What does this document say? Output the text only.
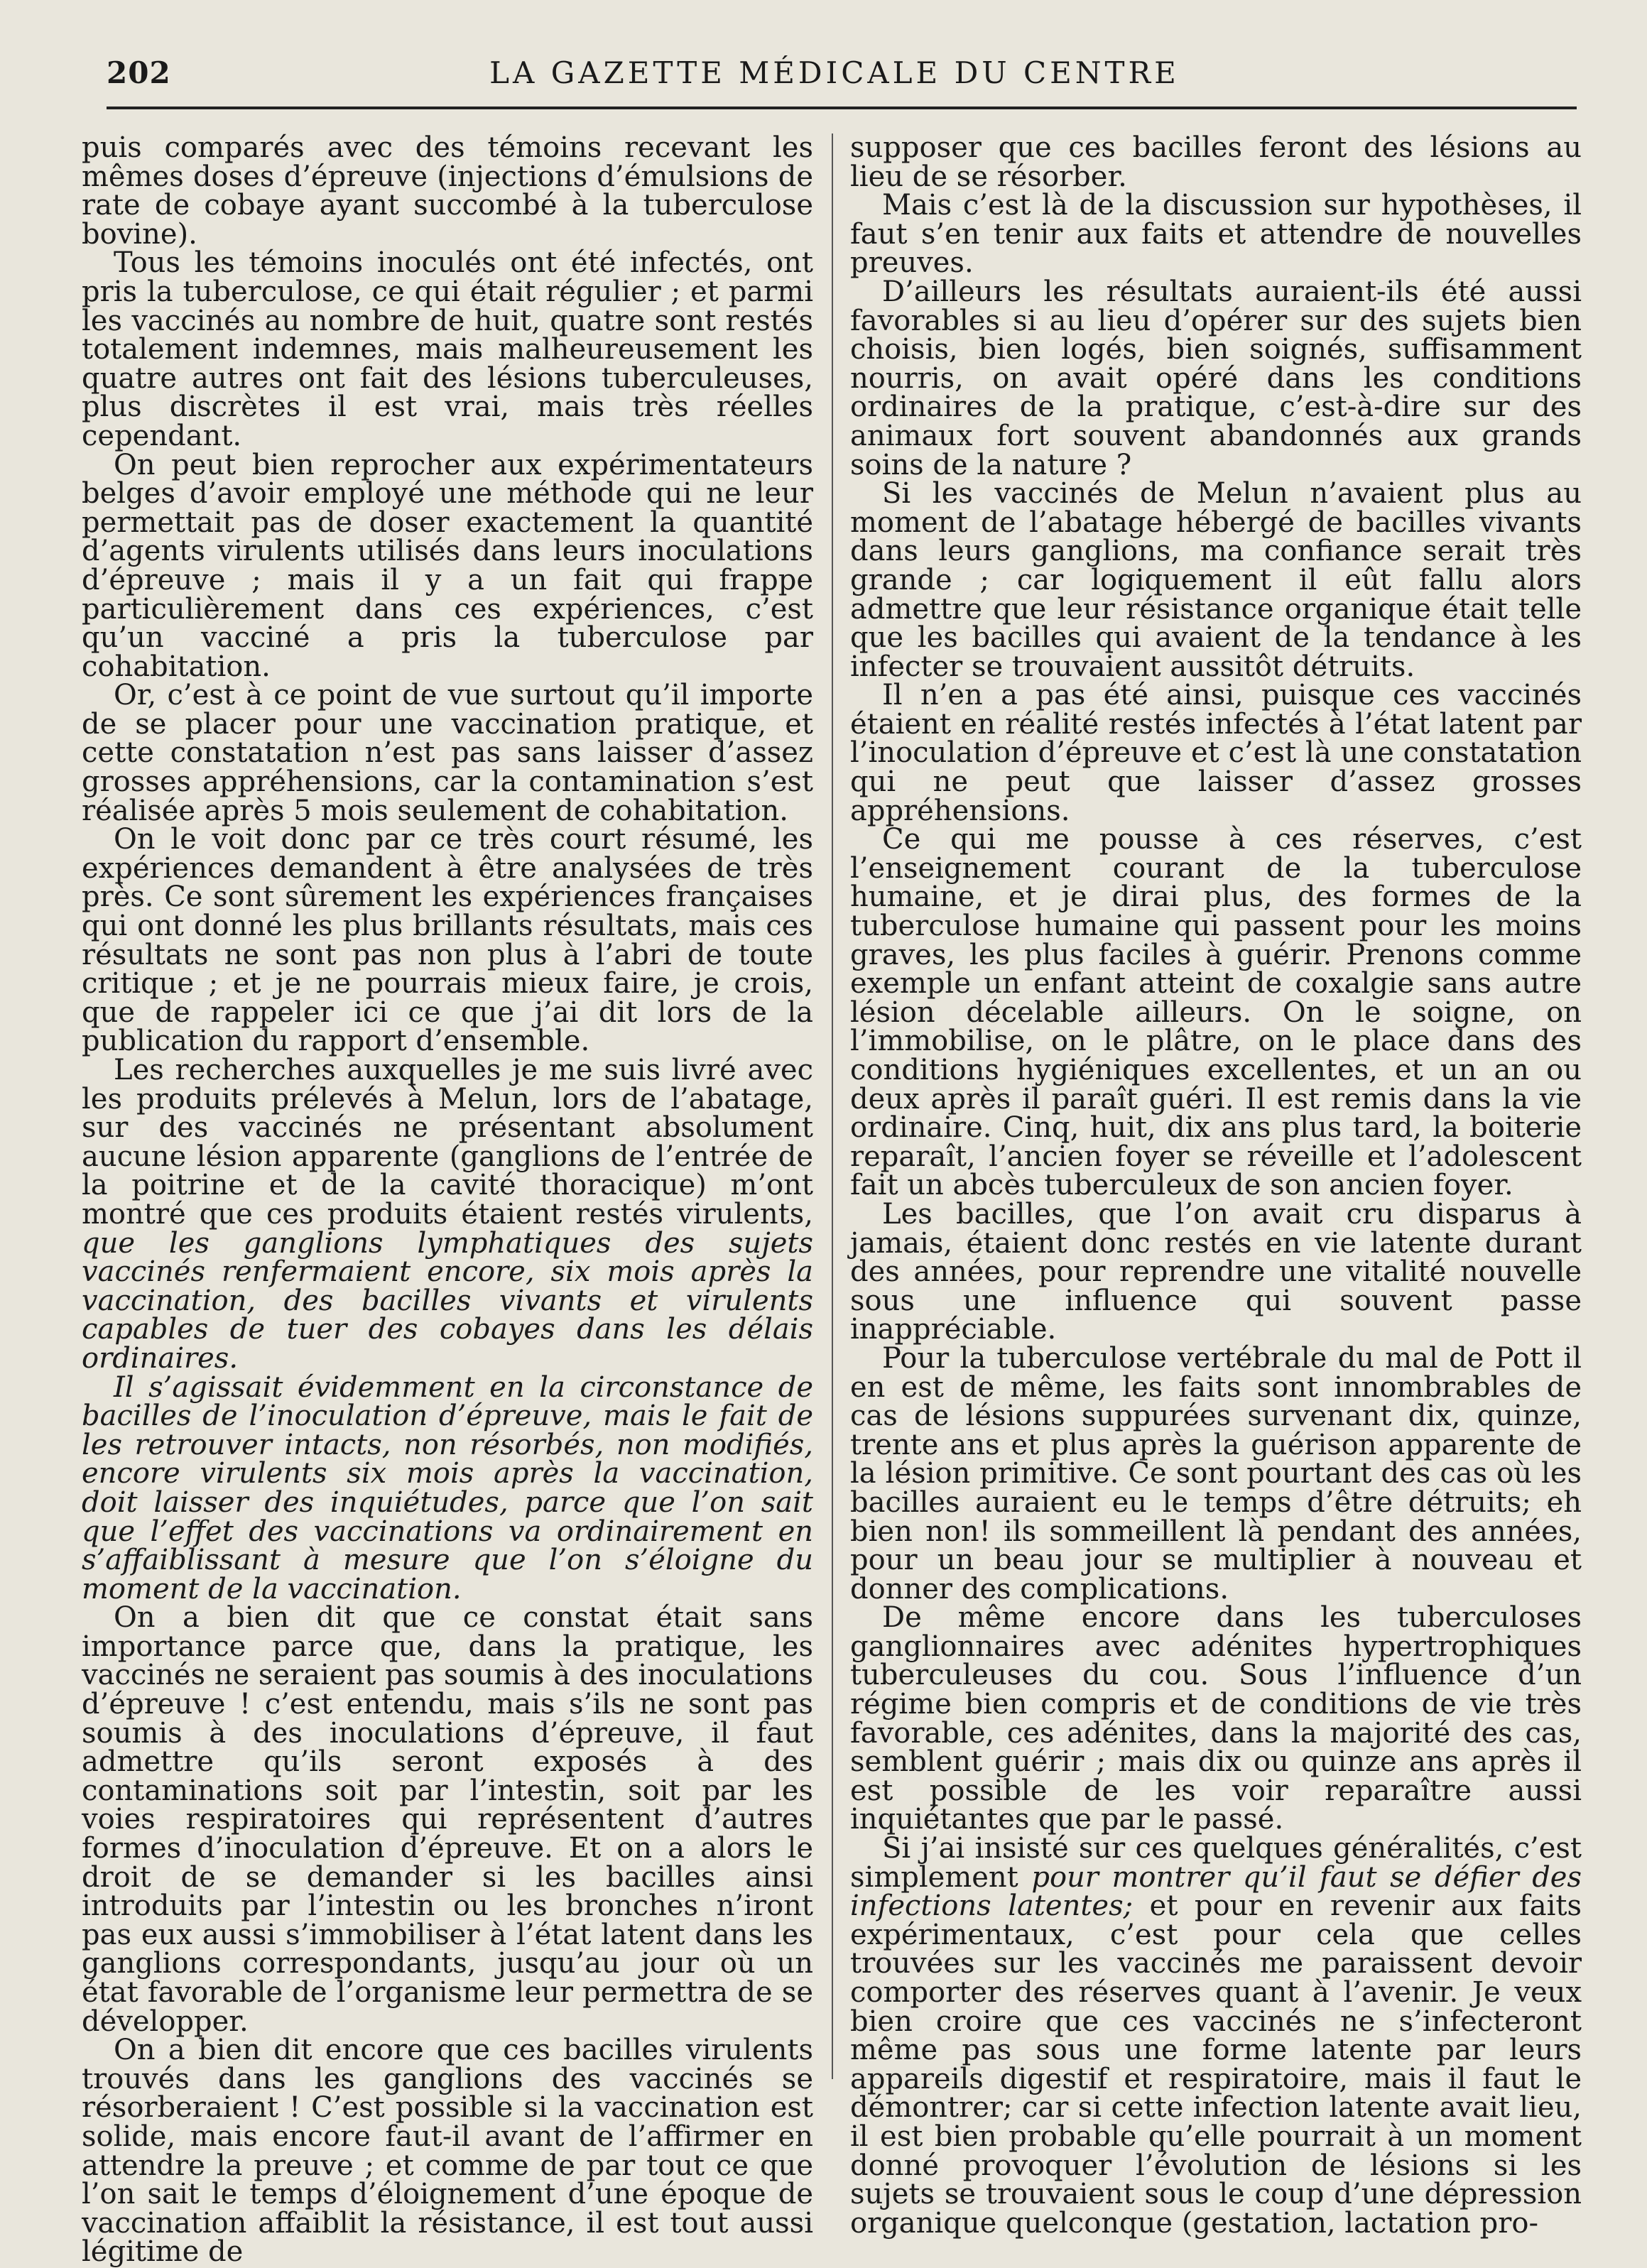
202	LA GAZETTE MÉDICALE DU CENTRE

puis comparés avec des témoins recevant les mêmes doses d’épreuve (injections d’émulsions de rate de cobaye ayant succombé à la tuberculose bovine).

Tous les témoins inoculés ont été infectés, ont pris la tuberculose, ce qui était régulier ; et parmi les vaccinés au nombre de huit, quatre sont restés totalement indemnes, mais malheureusement les quatre autres ont fait des lésions tuberculeuses, plus discrètes il est vrai, mais très réelles cependant.

On peut bien reprocher aux expérimentateurs belges d’avoir employé une méthode qui ne leur permettait pas de doser exactement la quantité d’agents virulents utilisés dans leurs inoculations d’épreuve ; mais il y a un fait qui frappe particulièrement dans ces expériences, c’est qu’un vacciné a pris la tuberculose par cohabitation.

Or, c’est à ce point de vue surtout qu’il importe de se placer pour une vaccination pratique, et cette constatation n’est pas sans laisser d’assez grosses appréhensions, car la contamination s’est réalisée après 5 mois seulement de cohabitation.

On le voit donc par ce très court résumé, les expériences demandent à être analysées de très près. Ce sont sûrement les expériences françaises qui ont donné les plus brillants résultats, mais ces résultats ne sont pas non plus à l’abri de toute critique ; et je ne pourrais mieux faire, je crois, que de rappeler ici ce que j’ai dit lors de la publication du rapport d’ensemble.

Les recherches auxquelles je me suis livré avec les produits prélevés à Melun, lors de l’abatage, sur des vaccinés ne présentant absolument aucune lésion apparente (ganglions de l’entrée de la poitrine et de la cavité thoracique) m’ont montré que ces produits étaient restés virulents, que les ganglions lymphatiques des sujets vaccinés renfermaient encore, six mois après la vaccination, des bacilles vivants et virulents capables de tuer des cobayes dans les délais ordinaires.

Il s’agissait évidemment en la circonstance de bacilles de l’inoculation d’épreuve, mais le fait de les retrouver intacts, non résorbés, non modifiés, encore virulents six mois après la vaccination, doit laisser des inquiétudes, parce que l’on sait que l’effet des vaccinations va ordinairement en s’affaiblissant à mesure que l’on s’éloigne du moment de la vaccination.

On a bien dit que ce constat était sans importance parce que, dans la pratique, les vaccinés ne seraient pas soumis à des inoculations d’épreuve ! c’est entendu, mais s’ils ne sont pas soumis à des inoculations d’épreuve, il faut admettre qu’ils seront exposés à des contaminations soit par l’intestin, soit par les voies respiratoires qui représentent d’autres formes d’inoculation d’épreuve. Et on a alors le droit de se demander si les bacilles ainsi introduits par l’intestin ou les bronches n’iront pas eux aussi s’immobiliser à l’état latent dans les ganglions correspondants, jusqu’au jour où un état favorable de l’organisme leur permettra de se développer.

On a bien dit encore que ces bacilles virulents trouvés dans les ganglions des vaccinés se résorberaient ! C’est possible si la vaccination est solide, mais encore faut-il avant de l’affirmer en attendre la preuve ; et comme de par tout ce que l’on sait le temps d’éloignement d’une époque de vaccination affaiblit la résistance, il est tout aussi légitime de

supposer que ces bacilles feront des lésions au lieu de se résorber.

Mais c’est là de la discussion sur hypothèses, il faut s’en tenir aux faits et attendre de nouvelles preuves.

D’ailleurs les résultats auraient-ils été aussi favorables si au lieu d’opérer sur des sujets bien choisis, bien logés, bien soignés, suffisamment nourris, on avait opéré dans les conditions ordinaires de la pratique, c’est-à-dire sur des animaux fort souvent abandonnés aux grands soins de la nature ?

Si les vaccinés de Melun n’avaient plus au moment de l’abatage hébergé de bacilles vivants dans leurs ganglions, ma confiance serait très grande ; car logiquement il eût fallu alors admettre que leur résistance organique était telle que les bacilles qui avaient de la tendance à les infecter se trouvaient aussitôt détruits.

Il n’en a pas été ainsi, puisque ces vaccinés étaient en réalité restés infectés à l’état latent par l’inoculation d’épreuve et c’est là une constatation qui ne peut que laisser d’assez grosses appréhensions.

Ce qui me pousse à ces réserves, c’est l’enseignement courant de la tuberculose humaine, et je dirai plus, des formes de la tuberculose humaine qui passent pour les moins graves, les plus faciles à guérir. Prenons comme exemple un enfant atteint de coxalgie sans autre lésion décelable ailleurs. On le soigne, on l’immobilise, on le plâtre, on le place dans des conditions hygiéniques excellentes, et un an ou deux après il paraît guéri. Il est remis dans la vie ordinaire. Cinq, huit, dix ans plus tard, la boiterie reparaît, l’ancien foyer se réveille et l’adolescent fait un abcès tuberculeux de son ancien foyer.

Les bacilles, que l’on avait cru disparus à jamais, étaient donc restés en vie latente durant des années, pour reprendre une vitalité nouvelle sous une influence qui souvent passe inappréciable.

Pour la tuberculose vertébrale du mal de Pott il en est de même, les faits sont innombrables de cas de lésions suppurées survenant dix, quinze, trente ans et plus après la guérison apparente de la lésion primitive. Ce sont pourtant des cas où les bacilles auraient eu le temps d’être détruits; eh bien non! ils sommeillent là pendant des années, pour un beau jour se multiplier à nouveau et donner des complications.

De même encore dans les tuberculoses ganglionnaires avec adénites hypertrophiques tuberculeuses du cou. Sous l’influence d’un régime bien compris et de conditions de vie très favorable, ces adénites, dans la majorité des cas, semblent guérir ; mais dix ou quinze ans après il est possible de les voir reparaître aussi inquiétantes que par le passé.

Si j’ai insisté sur ces quelques généralités, c’est simplement pour montrer qu’il faut se défier des infections latentes; et pour en revenir aux faits expérimentaux, c’est pour cela que celles trouvées sur les vaccinés me paraissent devoir comporter des réserves quant à l’avenir. Je veux bien croire que ces vaccinés ne s’infecteront même pas sous une forme latente par leurs appareils digestif et respiratoire, mais il faut le démontrer; car si cette infection latente avait lieu, il est bien probable qu’elle pourrait à un moment donné provoquer l’évolution de lésions si les sujets se trouvaient sous le coup d’une dépression organique quelconque (gestation, lactation pro-
